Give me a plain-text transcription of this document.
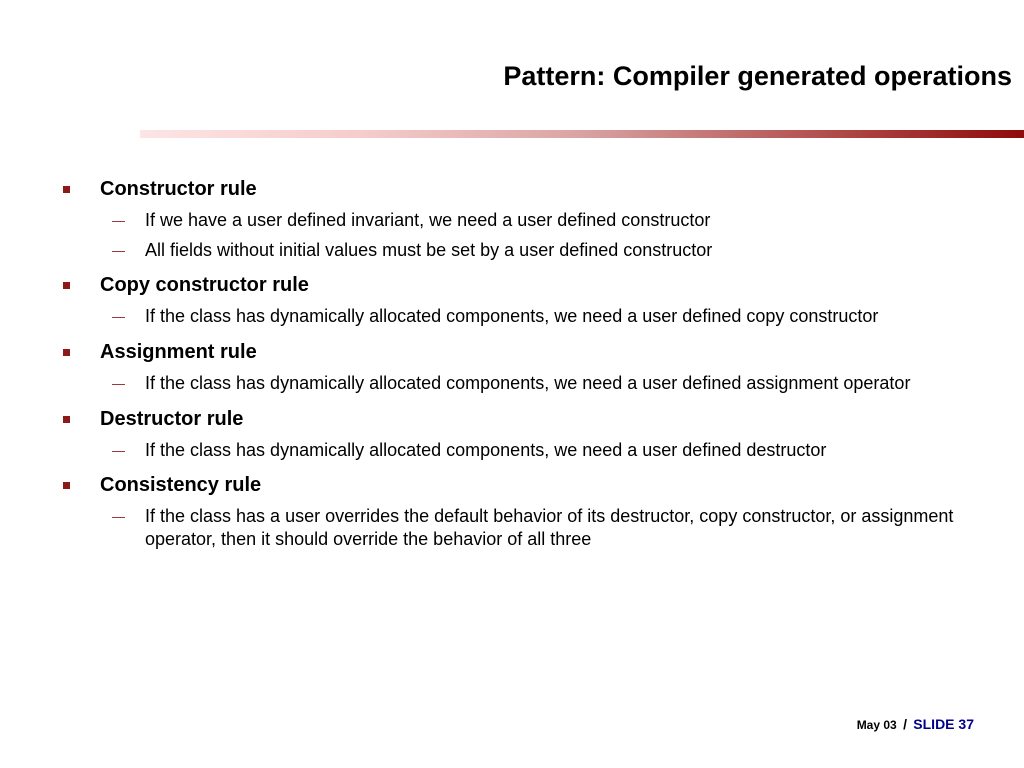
Pattern: Compiler generated operations
Constructor rule
— If we have a user defined invariant, we need a user defined constructor
— All fields without initial values must be set by a user defined constructor
Copy constructor rule
— If the class has dynamically allocated components, we need a user defined copy constructor
Assignment rule
— If the class has dynamically allocated components, we need a user defined assignment operator
Destructor rule
— If the class has dynamically allocated components, we need a user defined destructor
Consistency rule
— If the class has a user overrides the default behavior of its destructor, copy constructor, or assignment operator, then it should override the behavior of all three
May 03 / SLIDE 37
